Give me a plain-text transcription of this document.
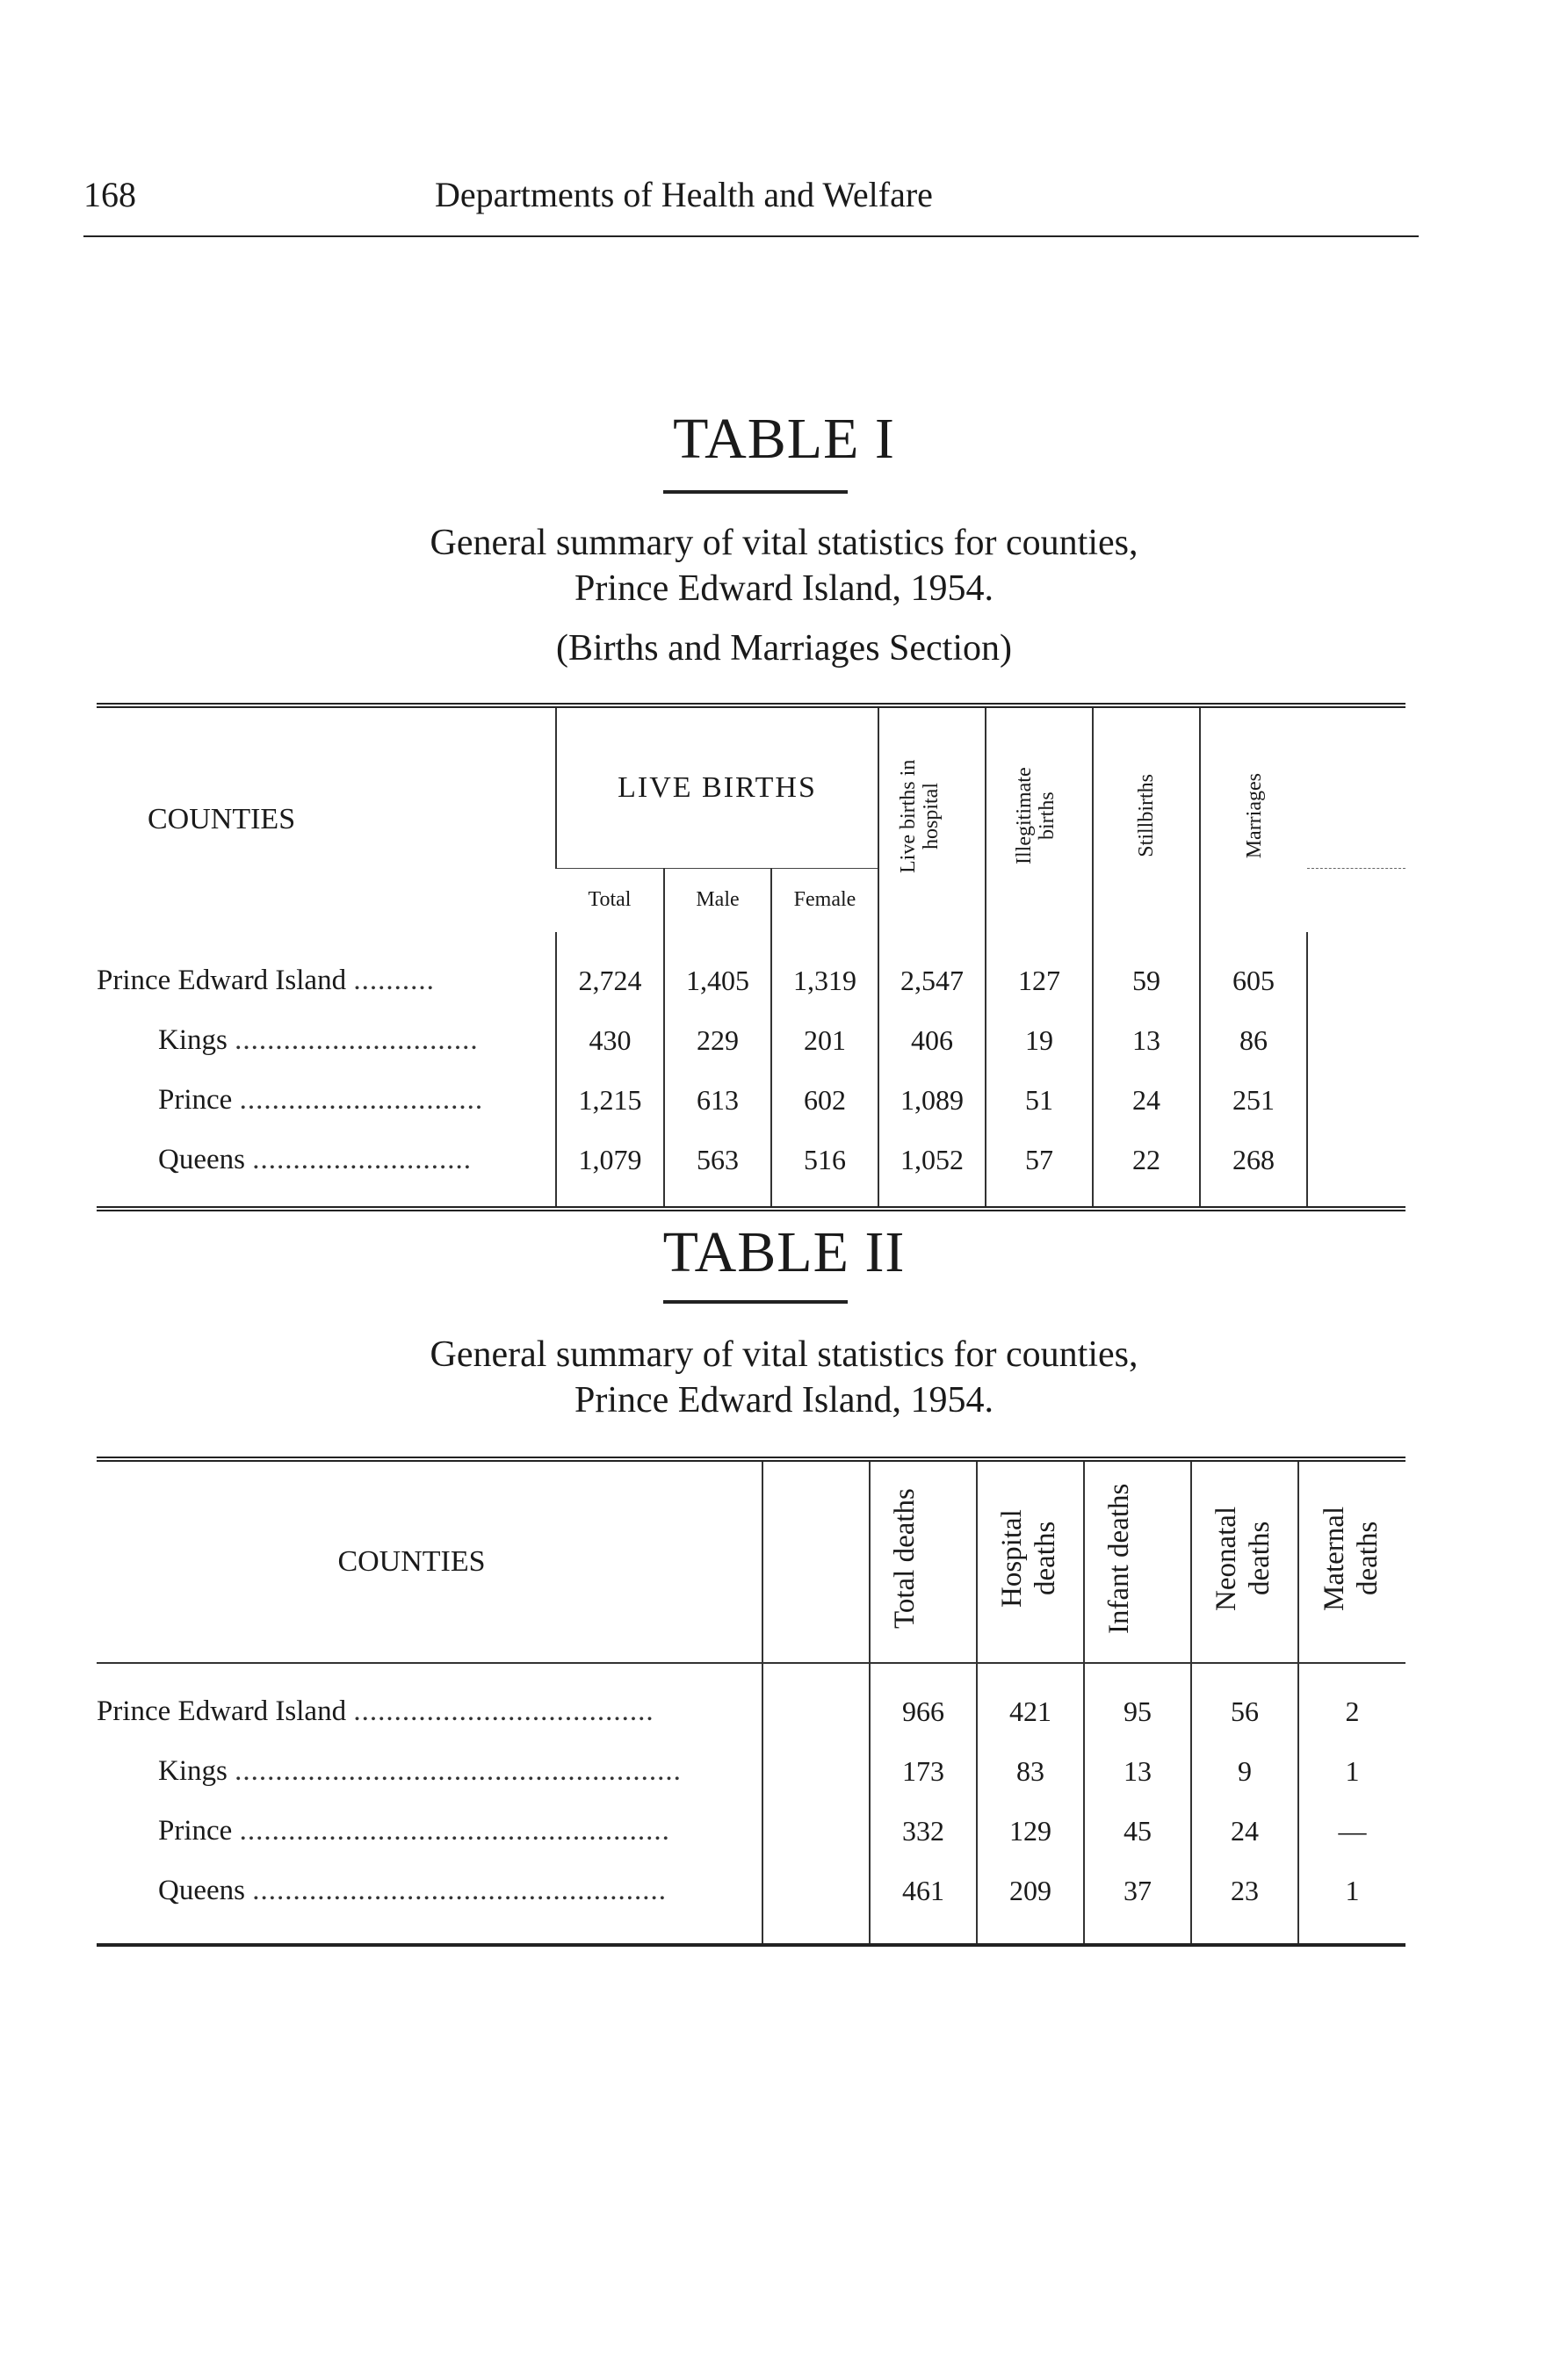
168	Departments of Health and Welfare
TABLE I
General summary of vital statistics for counties,
Prince Edward Island, 1954.
(Births and Marriages Section)
COUNTIES	LIVE BIRTHS			Live births in hospital	Illegitimate births	Stillbirths	Marriages	
	Total	Male	Female					
Prince Edward Island ..........	2,724	1,405	1,319	2,547	127	59	605	
Kings ..............................	430	229	201	406	19	13	86	
Prince ..............................	1,215	613	602	1,089	51	24	251	
Queens ...........................	1,079	563	516	1,052	57	22	268	
TABLE II
General summary of vital statistics for counties,
Prince Edward Island, 1954.
COUNTIES		Total deaths	Hospital deaths	Infant deaths	Neonatal deaths	Maternal deaths
Prince Edward Island .....................................		966	421	95	56	2
Kings .......................................................		173	83	13	9	1
Prince .....................................................		332	129	45	24	—
Queens ...................................................		461	209	37	23	1
